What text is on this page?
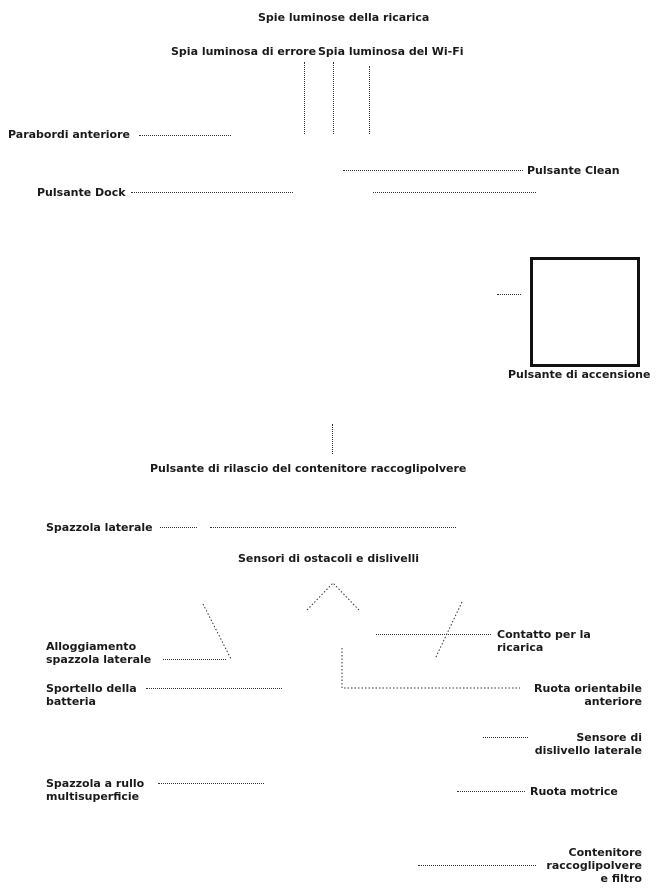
Spie luminose della ricarica
Spia luminosa di errore Spia luminosa del Wi-Fi
Parabordi anteriore
Pulsante Clean
Pulsante Dock
Pulsante di accensione
Pulsante di rilascio del contenitore raccoglipolvere
Spazzola laterale
Sensori di ostacoli e dislivelli
Alloggiamento
spazzola laterale
Contatto per la
ricarica
Sportello della
batteria
Ruota orientabile
anteriore
Sensore di
dislivello laterale
Spazzola a rullo
multisuperficie	Ruota motrice
Contenitore
raccoglipolvere
e filtro
